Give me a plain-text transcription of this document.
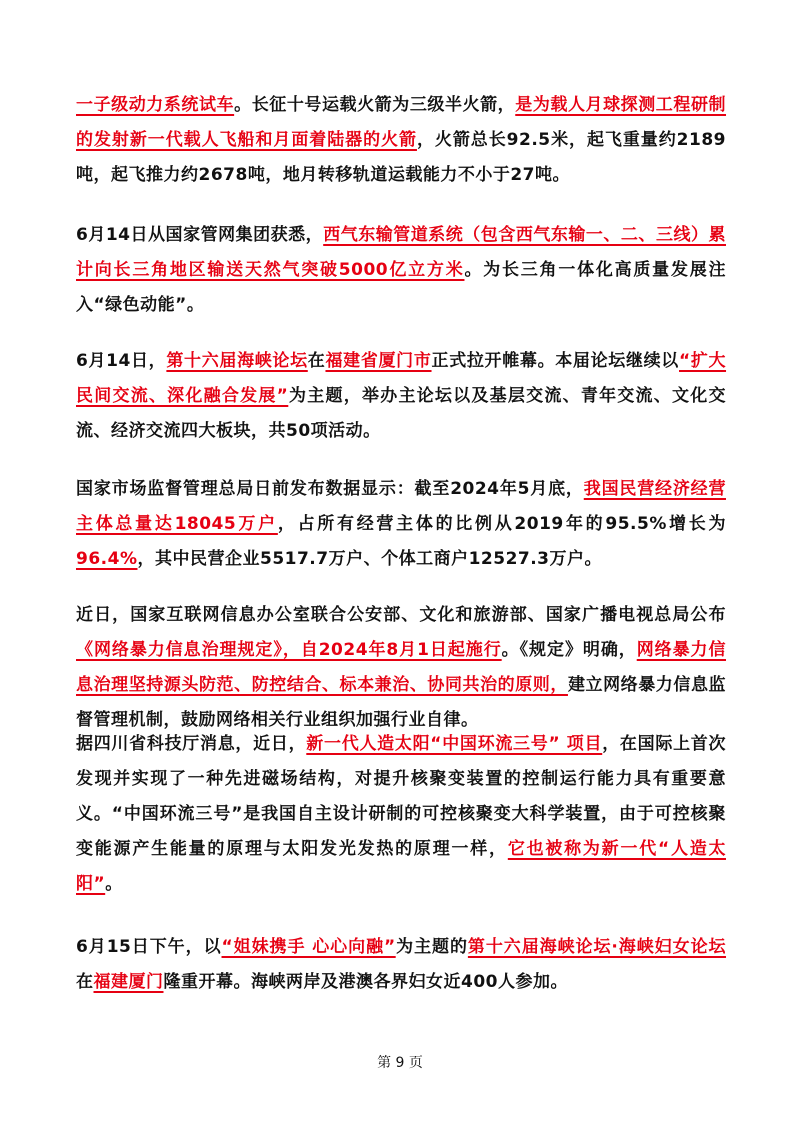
一子级动力系统试车。长征十号运载火箭为三级半火箭，是为载人月球探测工程研制的发射新一代载人飞船和月面着陆器的火箭，火箭总长92.5米，起飞重量约2189吨，起飞推力约2678吨，地月转移轨道运载能力不小于27吨。

6月14日从国家管网集团获悉，西气东输管道系统（包含西气东输一、二、三线）累计向长三角地区输送天然气突破5000亿立方米。为长三角一体化高质量发展注入“绿色动能”。

6月14日，第十六届海峡论坛在福建省厦门市正式拉开帷幕。本届论坛继续以“扩大民间交流、深化融合发展”为主题，举办主论坛以及基层交流、青年交流、文化交流、经济交流四大板块，共50项活动。

国家市场监督管理总局日前发布数据显示：截至2024年5月底，我国民营经济经营主体总量达18045万户，占所有经营主体的比例从2019年的95.5%增长为96.4%，其中民营企业5517.7万户、个体工商户12527.3万户。

近日，国家互联网信息办公室联合公安部、文化和旅游部、国家广播电视总局公布《网络暴力信息治理规定》，自2024年8月1日起施行。《规定》明确，网络暴力信息治理坚持源头防范、防控结合、标本兼治、协同共治的原则，建立网络暴力信息监督管理机制，鼓励网络相关行业组织加强行业自律。

据四川省科技厅消息，近日，新一代人造太阳“中国环流三号” 项目，在国际上首次发现并实现了一种先进磁场结构，对提升核聚变装置的控制运行能力具有重要意义。“中国环流三号”是我国自主设计研制的可控核聚变大科学装置，由于可控核聚变能源产生能量的原理与太阳发光发热的原理一样，它也被称为新一代“人造太阳”。

6月15日下午，以“姐妹携手 心心向融”为主题的第十六届海峡论坛·海峡妇女论坛在福建厦门隆重开幕。海峡两岸及港澳各界妇女近400人参加。

第 9 页
